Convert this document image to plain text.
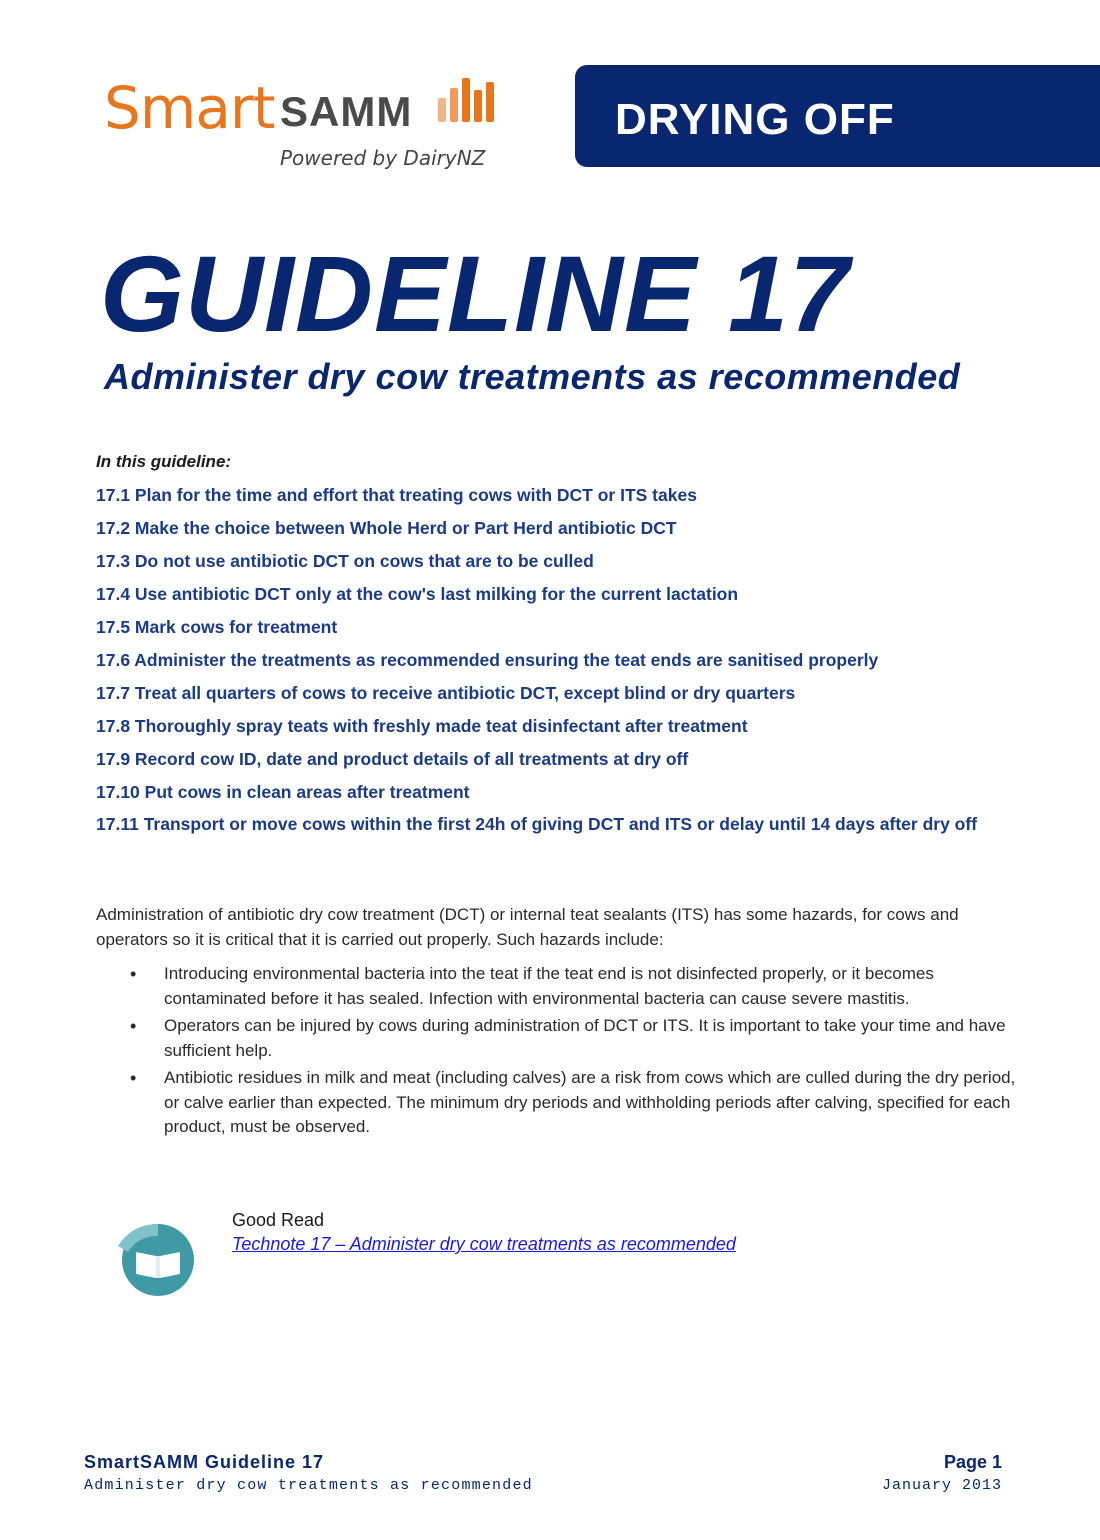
Smart SAMM
Powered by DairyNZ
DRYING OFF
GUIDELINE 17
Administer dry cow treatments as recommended

In this guideline:

17.1 Plan for the time and effort that treating cows with DCT or ITS takes
17.2 Make the choice between Whole Herd or Part Herd antibiotic DCT
17.3 Do not use antibiotic DCT on cows that are to be culled
17.4 Use antibiotic DCT only at the cow's last milking for the current lactation
17.5 Mark cows for treatment
17.6 Administer the treatments as recommended ensuring the teat ends are sanitised properly
17.7 Treat all quarters of cows to receive antibiotic DCT, except blind or dry quarters
17.8 Thoroughly spray teats with freshly made teat disinfectant after treatment
17.9 Record cow ID, date and product details of all treatments at dry off
17.10 Put cows in clean areas after treatment
17.11 Transport or move cows within the first 24h of giving DCT and ITS or delay until 14 days after dry off

Administration of antibiotic dry cow treatment (DCT) or internal teat sealants (ITS) has some hazards, for cows and operators so it is critical that it is carried out properly. Such hazards include:

• Introducing environmental bacteria into the teat if the teat end is not disinfected properly, or it becomes contaminated before it has sealed. Infection with environmental bacteria can cause severe mastitis.
• Operators can be injured by cows during administration of DCT or ITS. It is important to take your time and have sufficient help.
• Antibiotic residues in milk and meat (including calves) are a risk from cows which are culled during the dry period, or calve earlier than expected. The minimum dry periods and withholding periods after calving, specified for each product, must be observed.
Good Read
Technote 17 – Administer dry cow treatments as recommended

SmartSAMM Guideline 17

Administer dry cow treatments as recommended

Page 1

January 2013
